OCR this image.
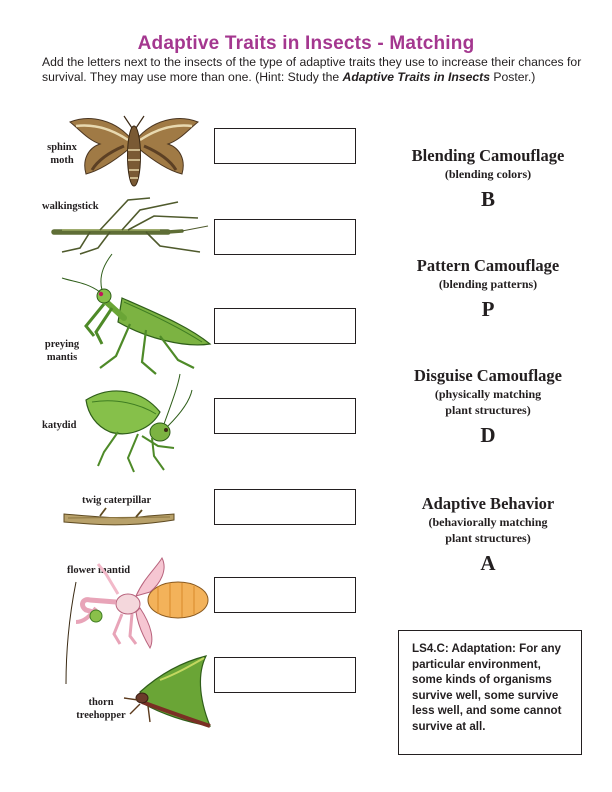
Adaptive Traits in Insects - Matching

Add the letters next to the insects of the type of adaptive traits they use to increase their chances for survival. They may use more than one. (Hint: Study the Adaptive Traits in Insects Poster.)

sphinx
moth
walkingstick
preying
mantis
katydid
twig caterpillar
flower mantid
thorn
treehopper
Blending Camouflage
(blending colors)
B
Pattern Camouflage
(blending patterns)
P
Disguise Camouflage
(physically matching plant structures)
D
Adaptive Behavior
(behaviorally matching plant structures)
A
LS4.C: Adaptation: For any particular environment, some kinds of organisms survive well, some survive less well, and some cannot survive at all.
